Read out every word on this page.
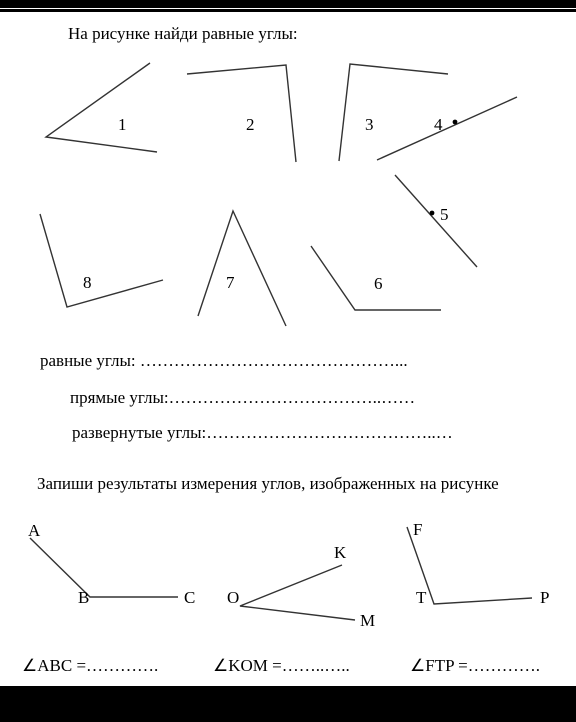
На рисунке найди равные углы:
1	2	3	4
5
6
7
8
A
B	C O
K
M
F
T	P
равные углы: ………………………………………...
прямые углы:………………………………..……
развернутые углы:…………………………………..…
Запиши результаты измерения углов, изображенных на рисунке
∠ABC =………….	∠KOM =……..…..	∠FTP =………….
